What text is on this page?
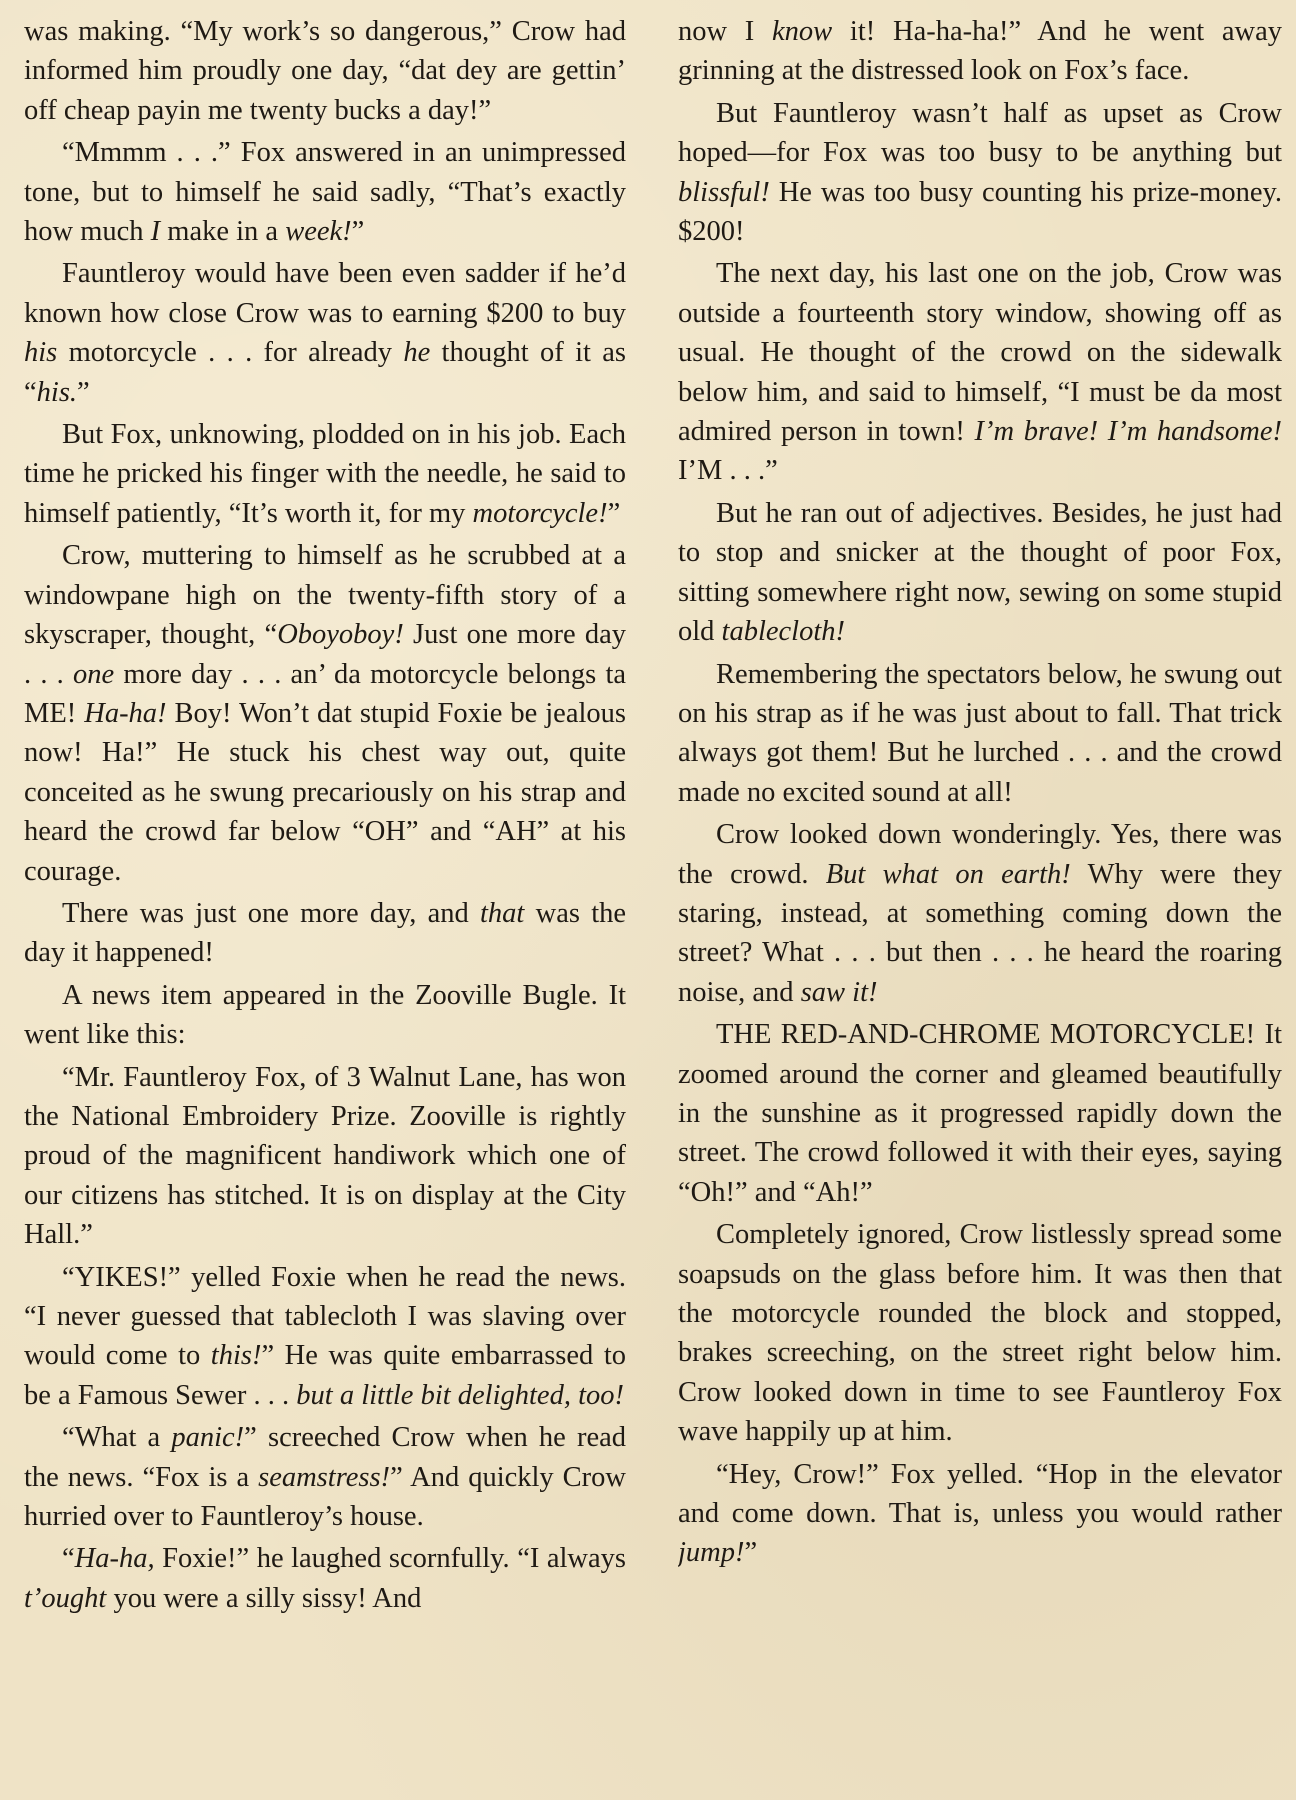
was making. “My work’s so dangerous,” Crow had informed him proudly one day, “dat dey are gettin’ off cheap payin me twenty bucks a day!”

“Mmmm . . .” Fox answered in an unimpressed tone, but to himself he said sadly, “That’s exactly how much I make in a week!”

Fauntleroy would have been even sadder if he’d known how close Crow was to earning $200 to buy his motorcycle . . . for already he thought of it as “his.”

But Fox, unknowing, plodded on in his job. Each time he pricked his finger with the needle, he said to himself patiently, “It’s worth it, for my motorcycle!”

Crow, muttering to himself as he scrubbed at a windowpane high on the twenty-fifth story of a skyscraper, thought, “Oboyoboy! Just one more day . . . one more day . . . an’ da motorcycle belongs ta ME! Ha-ha! Boy! Won’t dat stupid Foxie be jealous now! Ha!” He stuck his chest way out, quite conceited as he swung precariously on his strap and heard the crowd far below “OH” and “AH” at his courage.

There was just one more day, and that was the day it happened!

A news item appeared in the Zooville Bugle. It went like this:

“Mr. Fauntleroy Fox, of 3 Walnut Lane, has won the National Embroidery Prize. Zooville is rightly proud of the magnificent handiwork which one of our citizens has stitched. It is on display at the City Hall.”

“YIKES!” yelled Foxie when he read the news. “I never guessed that tablecloth I was slaving over would come to this!” He was quite embarrassed to be a Famous Sewer . . . but a little bit delighted, too!

“What a panic!” screeched Crow when he read the news. “Fox is a seamstress!” And quickly Crow hurried over to Fauntleroy’s house.

“Ha-ha, Foxie!” he laughed scornfully. “I always t’ought you were a silly sissy! And

now I know it! Ha-ha-ha!” And he went away grinning at the distressed look on Fox’s face.

But Fauntleroy wasn’t half as upset as Crow hoped—for Fox was too busy to be anything but blissful! He was too busy counting his prize-money. $200!

The next day, his last one on the job, Crow was outside a fourteenth story window, showing off as usual. He thought of the crowd on the sidewalk below him, and said to himself, “I must be da most admired person in town! I’m brave! I’m handsome! I’M . . .”

But he ran out of adjectives. Besides, he just had to stop and snicker at the thought of poor Fox, sitting somewhere right now, sewing on some stupid old tablecloth!

Remembering the spectators below, he swung out on his strap as if he was just about to fall. That trick always got them! But he lurched . . . and the crowd made no excited sound at all!

Crow looked down wonderingly. Yes, there was the crowd. But what on earth! Why were they staring, instead, at something coming down the street? What . . . but then . . . he heard the roaring noise, and saw it!

THE RED-AND-CHROME MOTORCYCLE! It zoomed around the corner and gleamed beautifully in the sunshine as it progressed rapidly down the street. The crowd followed it with their eyes, saying “Oh!” and “Ah!”

Completely ignored, Crow listlessly spread some soapsuds on the glass before him. It was then that the motorcycle rounded the block and stopped, brakes screeching, on the street right below him. Crow looked down in time to see Fauntleroy Fox wave happily up at him.

“Hey, Crow!” Fox yelled. “Hop in the elevator and come down. That is, unless you would rather jump!”
